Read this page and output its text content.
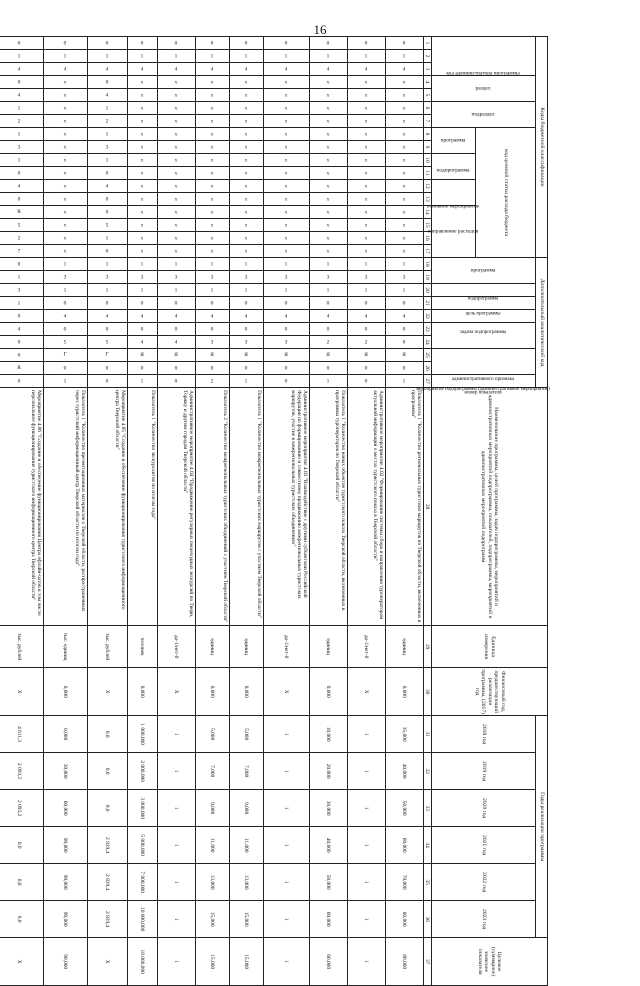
16
Коды бюджетной классификации																	Дополнительный аналитический код										Наименование программы, целей программы, задач подпрограммы, мероприятий и административных мероприятий подпрограммы, показателей, подпрограммы, мероприятий и административных мероприятий подпрограмм	Единица измерения	Финансовый год, предшествующий реализации программы, (2017) год	Годы реализации программы						Целевое (суммарное) значение показателя
код администратора программы			раздел		подраздел		код целевой статьи расхода бюджета										программа		подпрограмма	цель программы	задача подпрограммы	мероприятие подпрограммы (административное мероприятие)		административного признака		номер показателя				2018 год	2019 год	2020 год	2021 год	2022 год	2023 год	
							программа		подпрограмма		основное мероприятие		направление расходов																							
1	2	3	4	5	6	7	8	9	10	11	12	13	14	15	16	17	18	19	20	21	22	23	24	25	26	27	28	29	30	31	32	33	34	35	36	37
0	1	4	x	x	x	x	x	x	x	x	x	x	x	x	x	x	1	3	1	0	4	0	0	Я	0	1	Показатель 1 "Количество региональных туристских маршрутов по Тверской области, включенных в программы"	единиц	0,000	35,000	40,000	50,000	60,000	70,000	80,000	80,000
0	1	4	x	x	x	x	x	x	x	x	x	x	x	x	x	x	1	3	1	0	4	0	2	Я	0	0	Административное мероприятие 4.02 "Формирование системы сбора и направления туроператорам актуальной информации о местах туристского показа в Тверской области"	да-1/нет-0	X	1	1	1	1	1	1	1
0	1	4	x	x	x	x	x	x	x	x	x	x	x	x	x	x	1	3	1	0	4	0	2	Я	0	1	Показатель 1 "Количество новых объектов туристского показа Тверской области, включенных в программы туроператоров по Тверской области"	единиц	0,000	10,000	20,000	30,000	40,000	50,000	60,000	60,000
0	1	4	x	x	x	x	x	x	x	x	x	x	x	x	x	x	1	3	1	0	4	0	3	Я	0	0	Административное мероприятие 4.03 "Взаимодействие с другими субъектами Российской Федерации по формированию и совместному продвижению межрегиональных туристских маршрутов, участие в межрегиональных туристских объединениях"	да-1/нет-0	X	1	1	1	1	1	1	1
0	1	4	x	x	x	x	x	x	x	x	x	x	x	x	x	x	1	3	1	0	4	0	3	Я	0	1	Показатель 1 "Количество межрегиональных туристских маршрутов с участием Тверской области"	единиц	0,000	5,000	7,000	9,000	11,000	13,000	15,000	15,000
0	1	4	x	x	x	x	x	x	x	x	x	x	x	x	x	x	1	3	1	0	4	0	3	Я	0	2	Показатель 2 "Количество межрегиональных туристских объединений с участием Тверской области"	единиц	0,000	5,000	7,000	9,000	11,000	13,000	15,000	15,000
0	1	4	x	x	x	x	x	x	x	x	x	x	x	x	x	x	1	3	1	0	4	0	4	Я	0	0	Административное мероприятие 4.04 "Продвижение регулярных пешеходных экскурсий по Твери, Торжку и другим городам Тверской области"	да-1/нет-0	X	1	1	1	1	1	1	1
0	1	4	x	x	x	x	x	x	x	x	x	x	x	x	x	x	1	3	1	0	4	0	4	Я	0	1	Показатель 1 "Количество экскурсантов по итогам года"	человек	0,000	1 000,000	2 000,000	3 000,000	5 000,000	7 000,000	10 000,000	10 000,000
0	1	4	0	4	1	2	1	3	1	0	4	0	0	5	1	0	1	3	1	0	4	0	5	Г	0	0	Мероприятие 4.05 "Создание и обеспечение функционирования туристского информационного центра Тверской области"	тыс. рублей	X	0,0	0,0	0,0	2 839,4	2 839,4	2 839,4	X
0	1	4	x	x	x	x	x	x	x	x	x	x	x	x	x	x	1	3	1	0	4	0	5	Г	0	1	Показатель 1 "Количество презентационных материалов о Тверской области, распространенных через туристский информационный центр Тверской области по итогам года"	тыс. единиц	0,000	0,000	30,000	60,000	90,000	90,000	90,000	90,000
0	1	4	0	4	1	2	1	3	1	0	4	0	R	5	2	7	0	1	3	1	0	4	0	6	R	0	Мероприятие 4.06 "Создание и обеспечение функционирования Центра офлайн-чатов в том числе персональное функционирование туристского информационного центра Тверской области"	тыс. рублей	X	4 611,3	2 093,2	2 093,2	0,0	0,0	0,0	X
